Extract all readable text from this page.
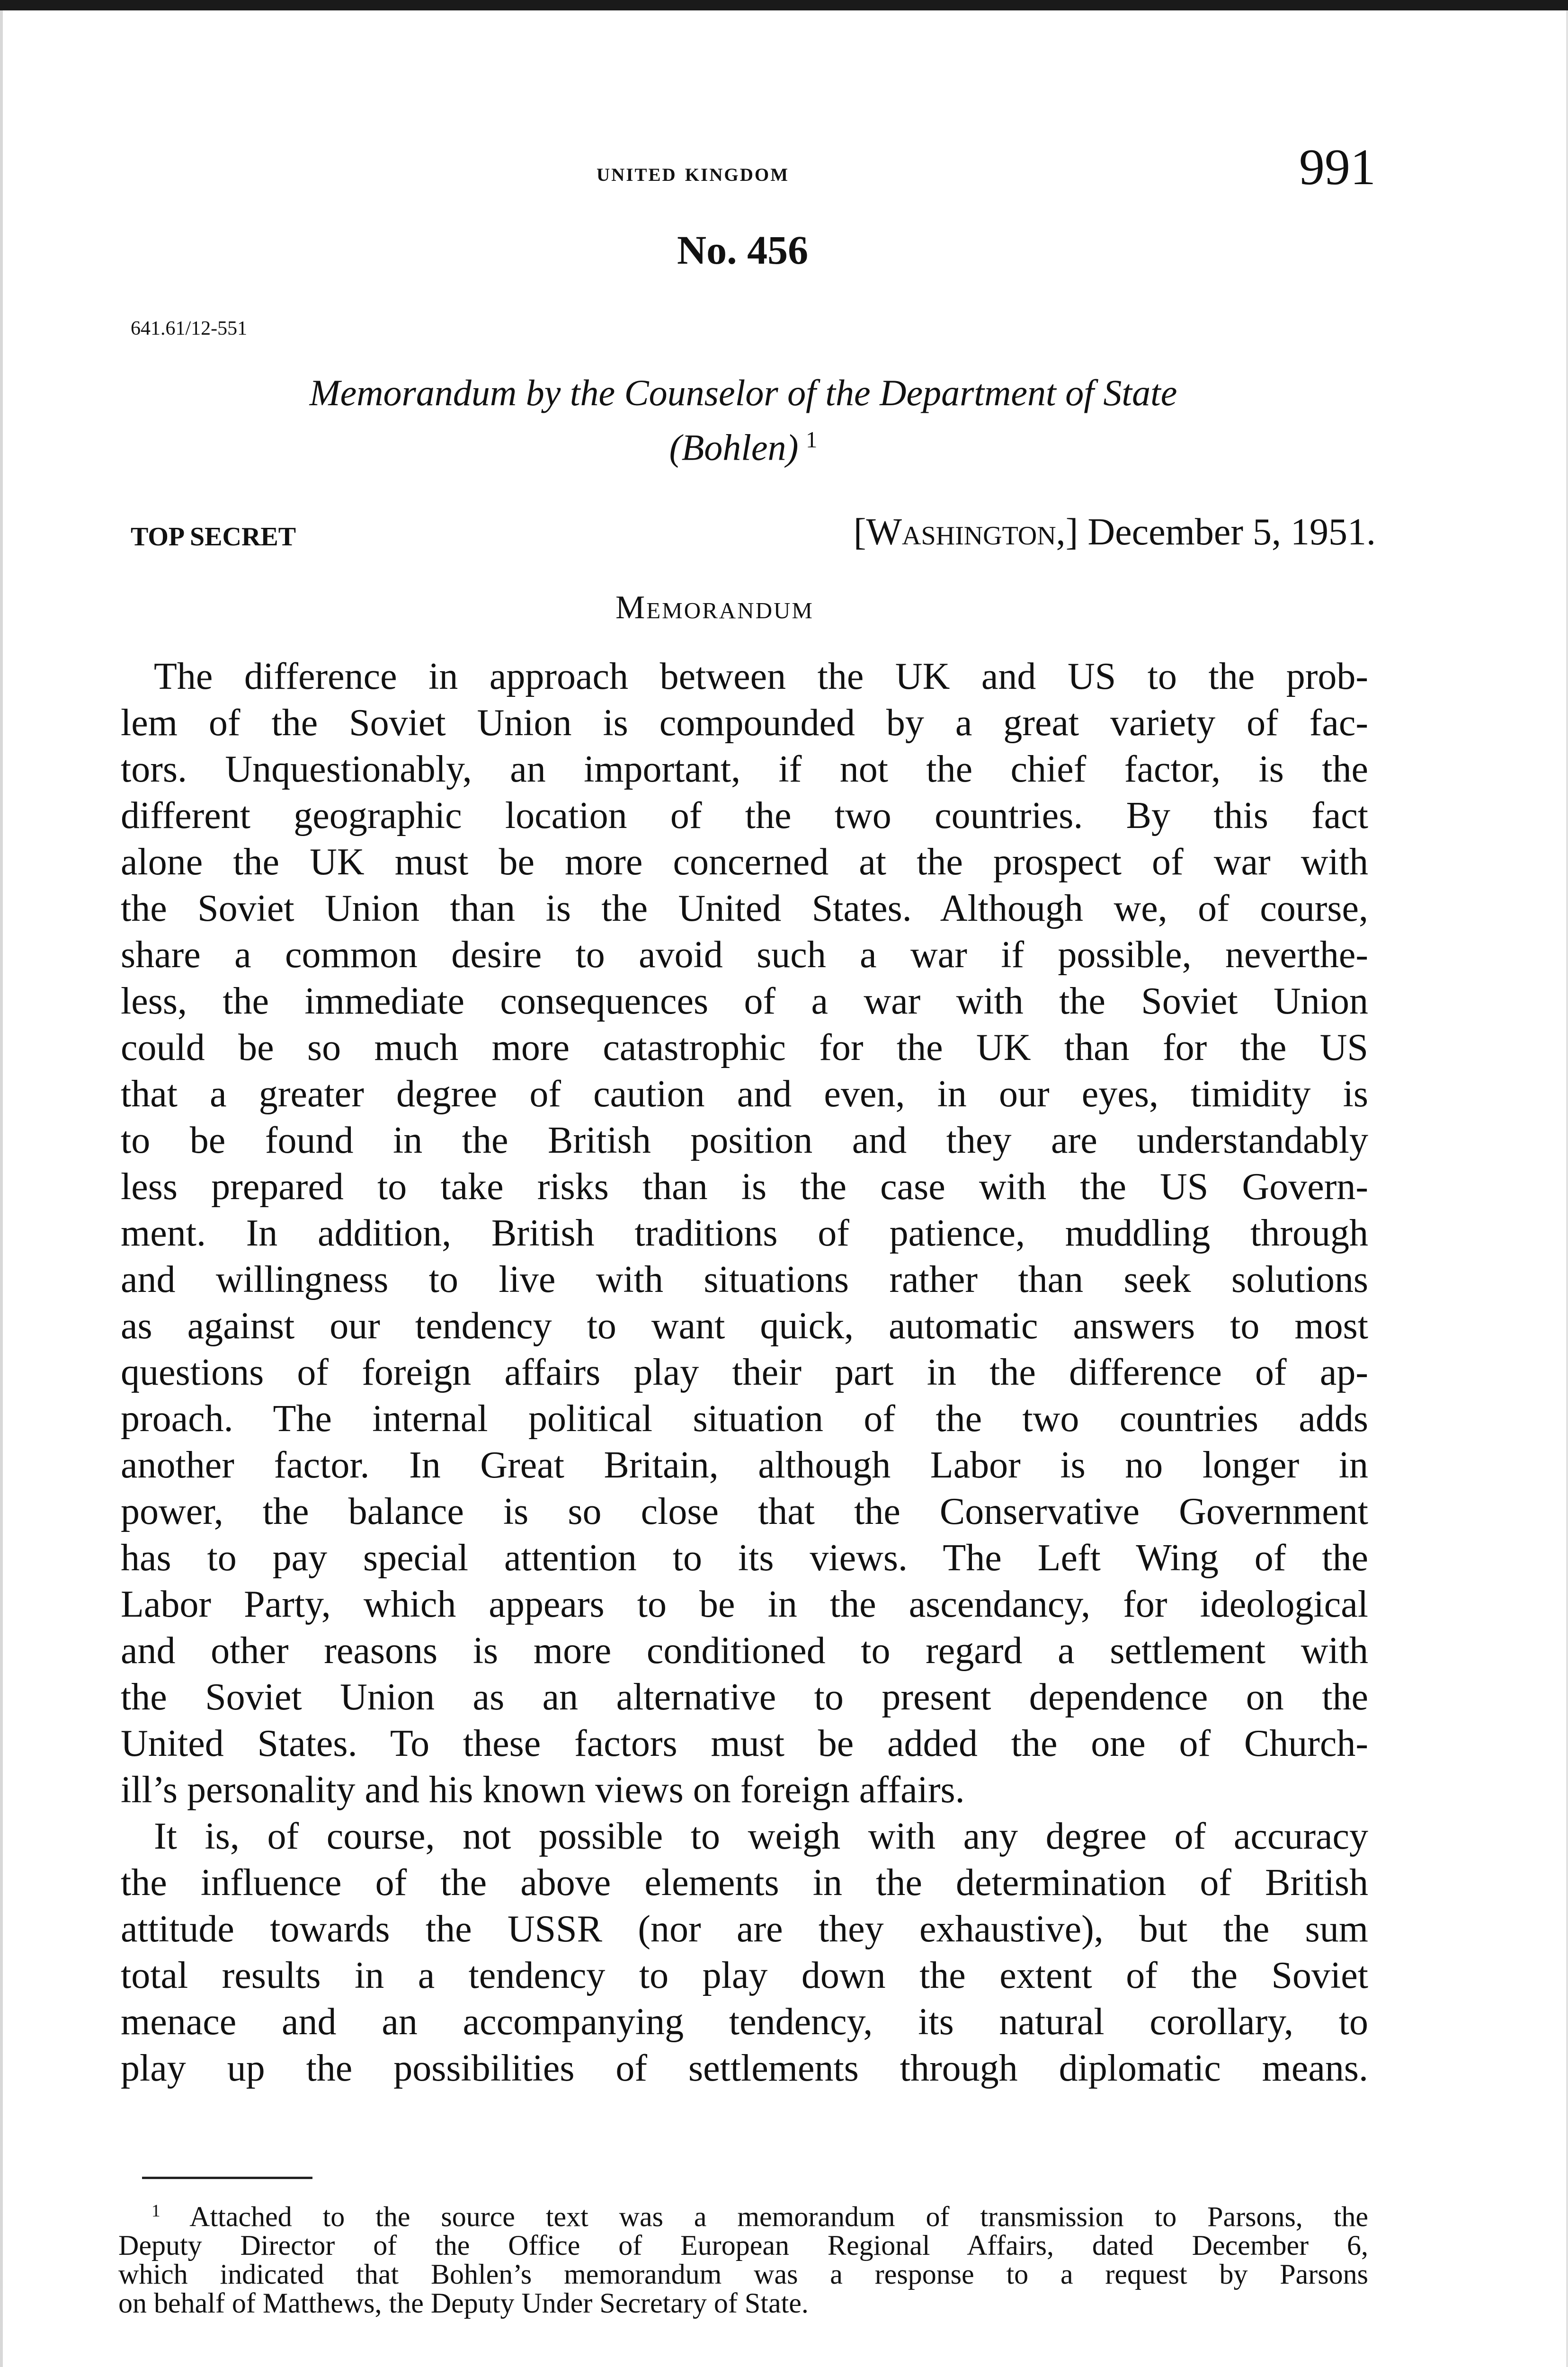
united kingdom	991
No. 456
641.61/12-551
Memorandum by the Counselor of the Department of State
(Bohlen)  $^1$
TOP SECRET	[Washington,] December 5, 1951.
Memorandum

The difference in approach between the UK and US to the prob-
lem of the Soviet Union is compounded by a great variety of fac-
tors. Unquestionably, an important, if not the chief factor, is the
different geographic location of the two countries. By this fact
alone the UK must be more concerned at the prospect of war with
the Soviet Union than is the United States. Although we, of course,
share a common desire to avoid such a war if possible, neverthe-
less, the immediate consequences of a war with the Soviet Union
could be so much more catastrophic for the UK than for the US
that a greater degree of caution and even, in our eyes, timidity is
to be found in the British position and they are understandably
less prepared to take risks than is the case with the US Govern-
ment. In addition, British traditions of patience, muddling through
and willingness to live with situations rather than seek solutions
as against our tendency to want quick, automatic answers to most
questions of foreign affairs play their part in the difference of ap-
proach. The internal political situation of the two countries adds
another factor. In Great Britain, although Labor is no longer in
power, the balance is so close that the Conservative Government
has to pay special attention to its views. The Left Wing of the
Labor Party, which appears to be in the ascendancy, for ideological
and other reasons is more conditioned to regard a settlement with
the Soviet Union as an alternative to present dependence on the
United States. To these factors must be added the one of Church-
ill’s personality and his known views on foreign affairs.

It is, of course, not possible to weigh with any degree of accuracy
the influence of the above elements in the determination of British
attitude towards the USSR (nor are they exhaustive), but the sum
total results in a tendency to play down the extent of the Soviet
menace and an accompanying tendency, its natural corollary, to
play up the possibilities of settlements through diplomatic means.

$^1$ Attached to the source text was a memorandum of transmission to Parsons, the
Deputy Director of the Office of European Regional Affairs, dated December 6,
which indicated that Bohlen’s memorandum was a response to a request by Parsons
on behalf of Matthews, the Deputy Under Secretary of State.
